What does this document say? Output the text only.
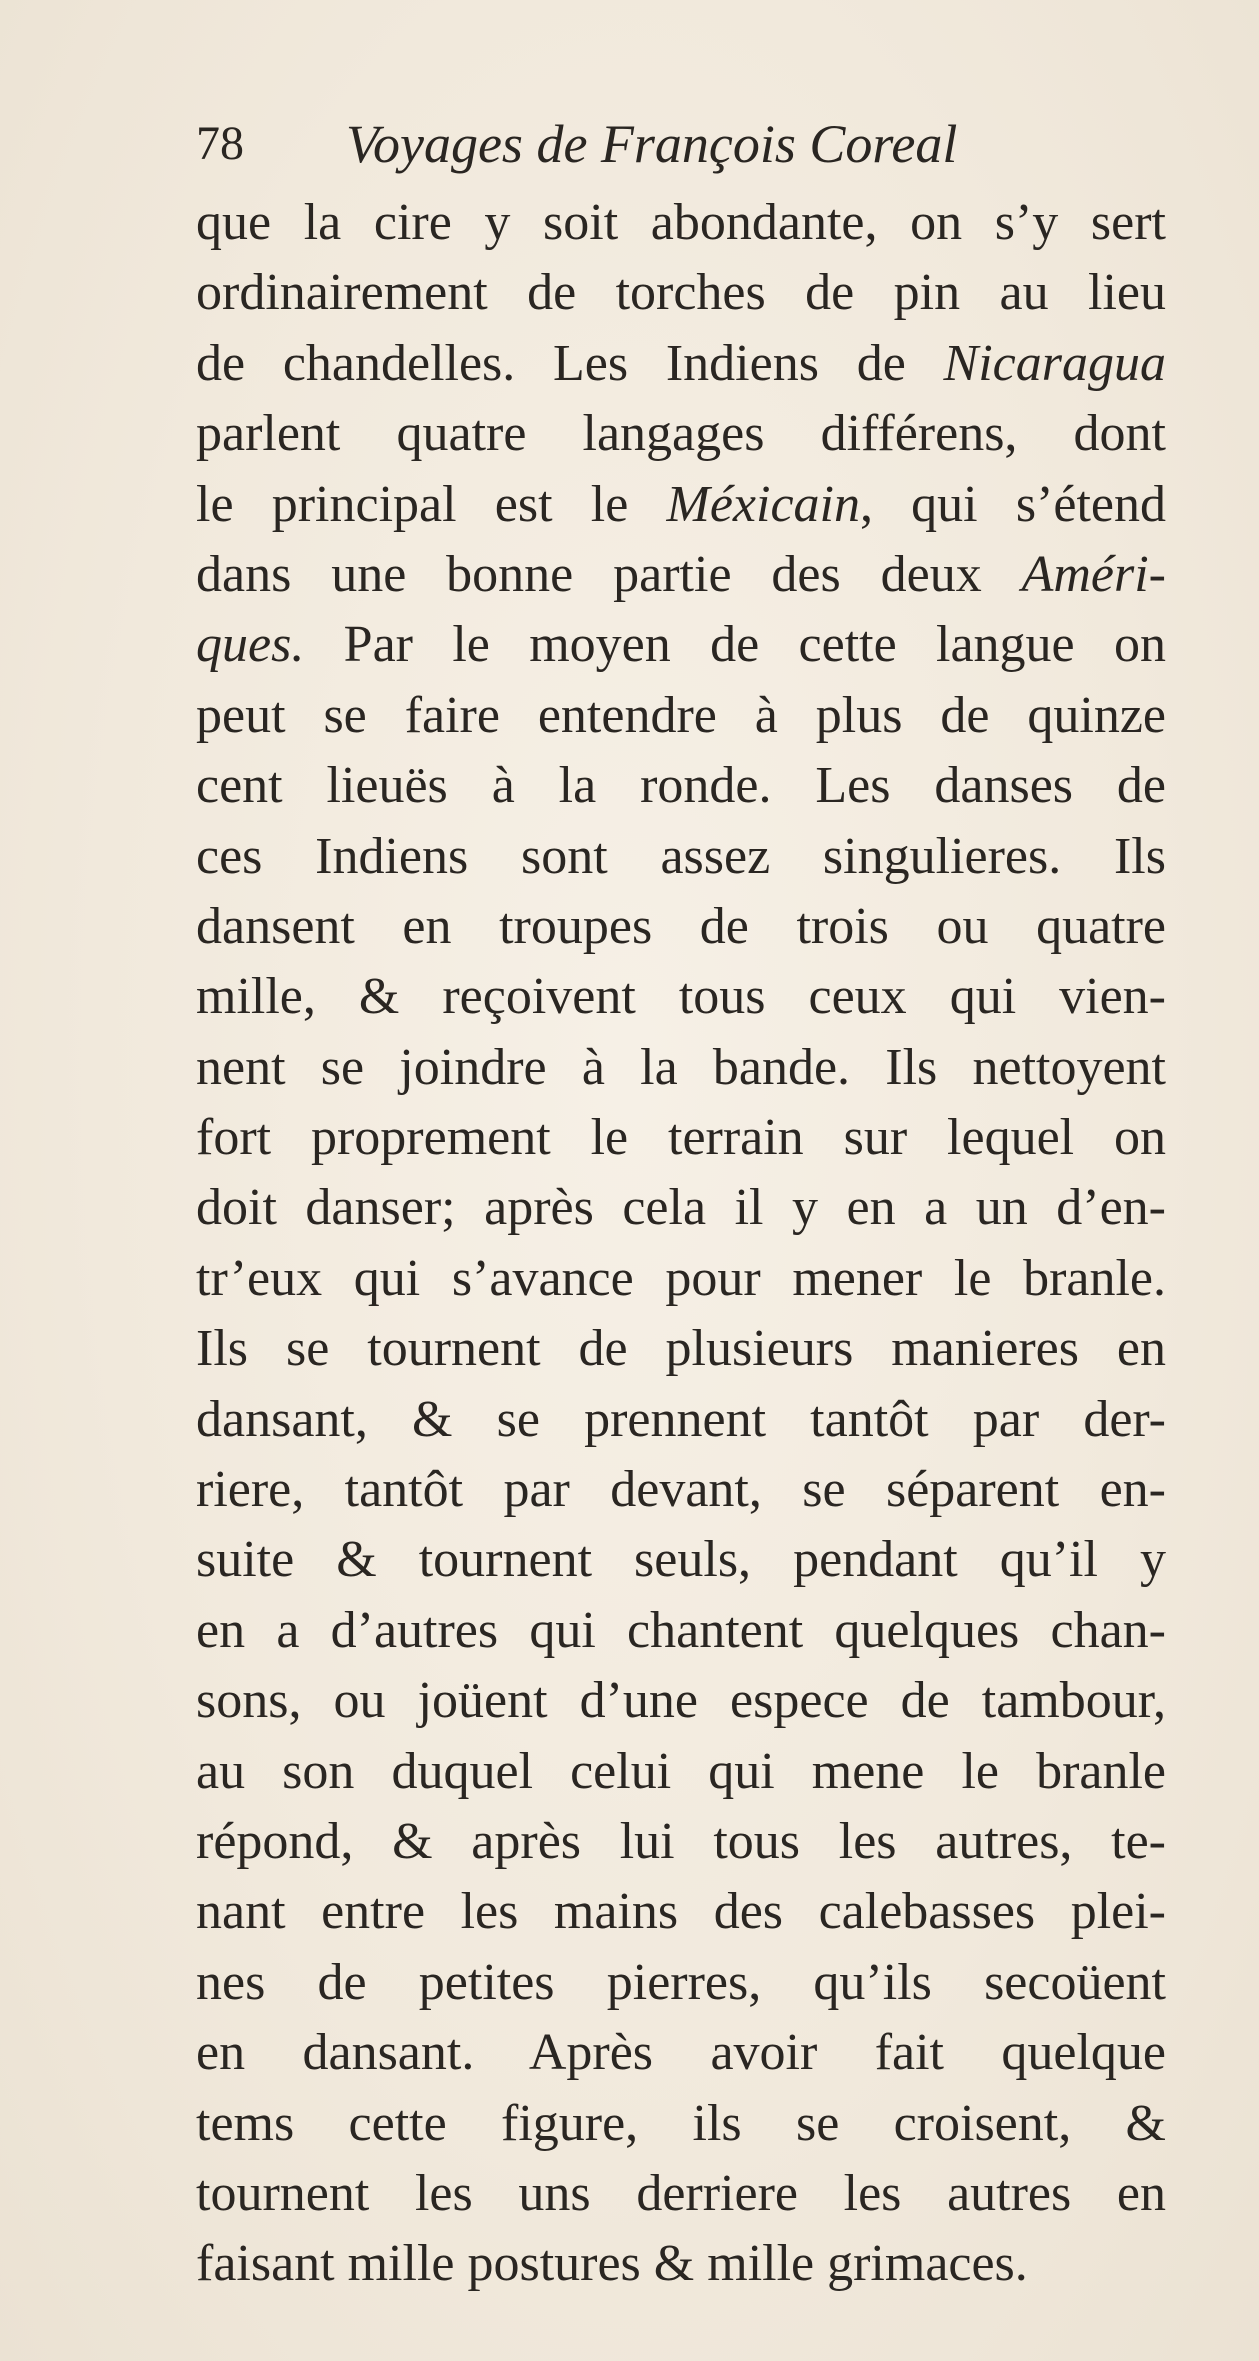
78 Voyages de François Coreal
que la cire y soit abondante, on s’y sert
ordinairement de torches de pin au lieu
de chandelles. Les Indiens de Nicaragua
parlent quatre langages différens, dont
le principal est le Méxicain, qui s’étend
dans une bonne partie des deux Améri-
ques. Par le moyen de cette langue on
peut se faire entendre à plus de quinze
cent lieuës à la ronde. Les danses de
ces Indiens sont assez singulieres. Ils
dansent en troupes de trois ou quatre
mille, & reçoivent tous ceux qui vien-
nent se joindre à la bande. Ils nettoyent
fort proprement le terrain sur lequel on
doit danser; après cela il y en a un d’en-
tr’eux qui s’avance pour mener le branle.
Ils se tournent de plusieurs manieres en
dansant, & se prennent tantôt par der-
riere, tantôt par devant, se séparent en-
suite & tournent seuls, pendant qu’il y
en a d’autres qui chantent quelques chan-
sons, ou joüent d’une espece de tambour,
au son duquel celui qui mene le branle
répond, & après lui tous les autres, te-
nant entre les mains des calebasses plei-
nes de petites pierres, qu’ils secoüent
en dansant. Après avoir fait quelque
tems cette figure, ils se croisent, &
tournent les uns derriere les autres en
faisant mille postures & mille grimaces.
